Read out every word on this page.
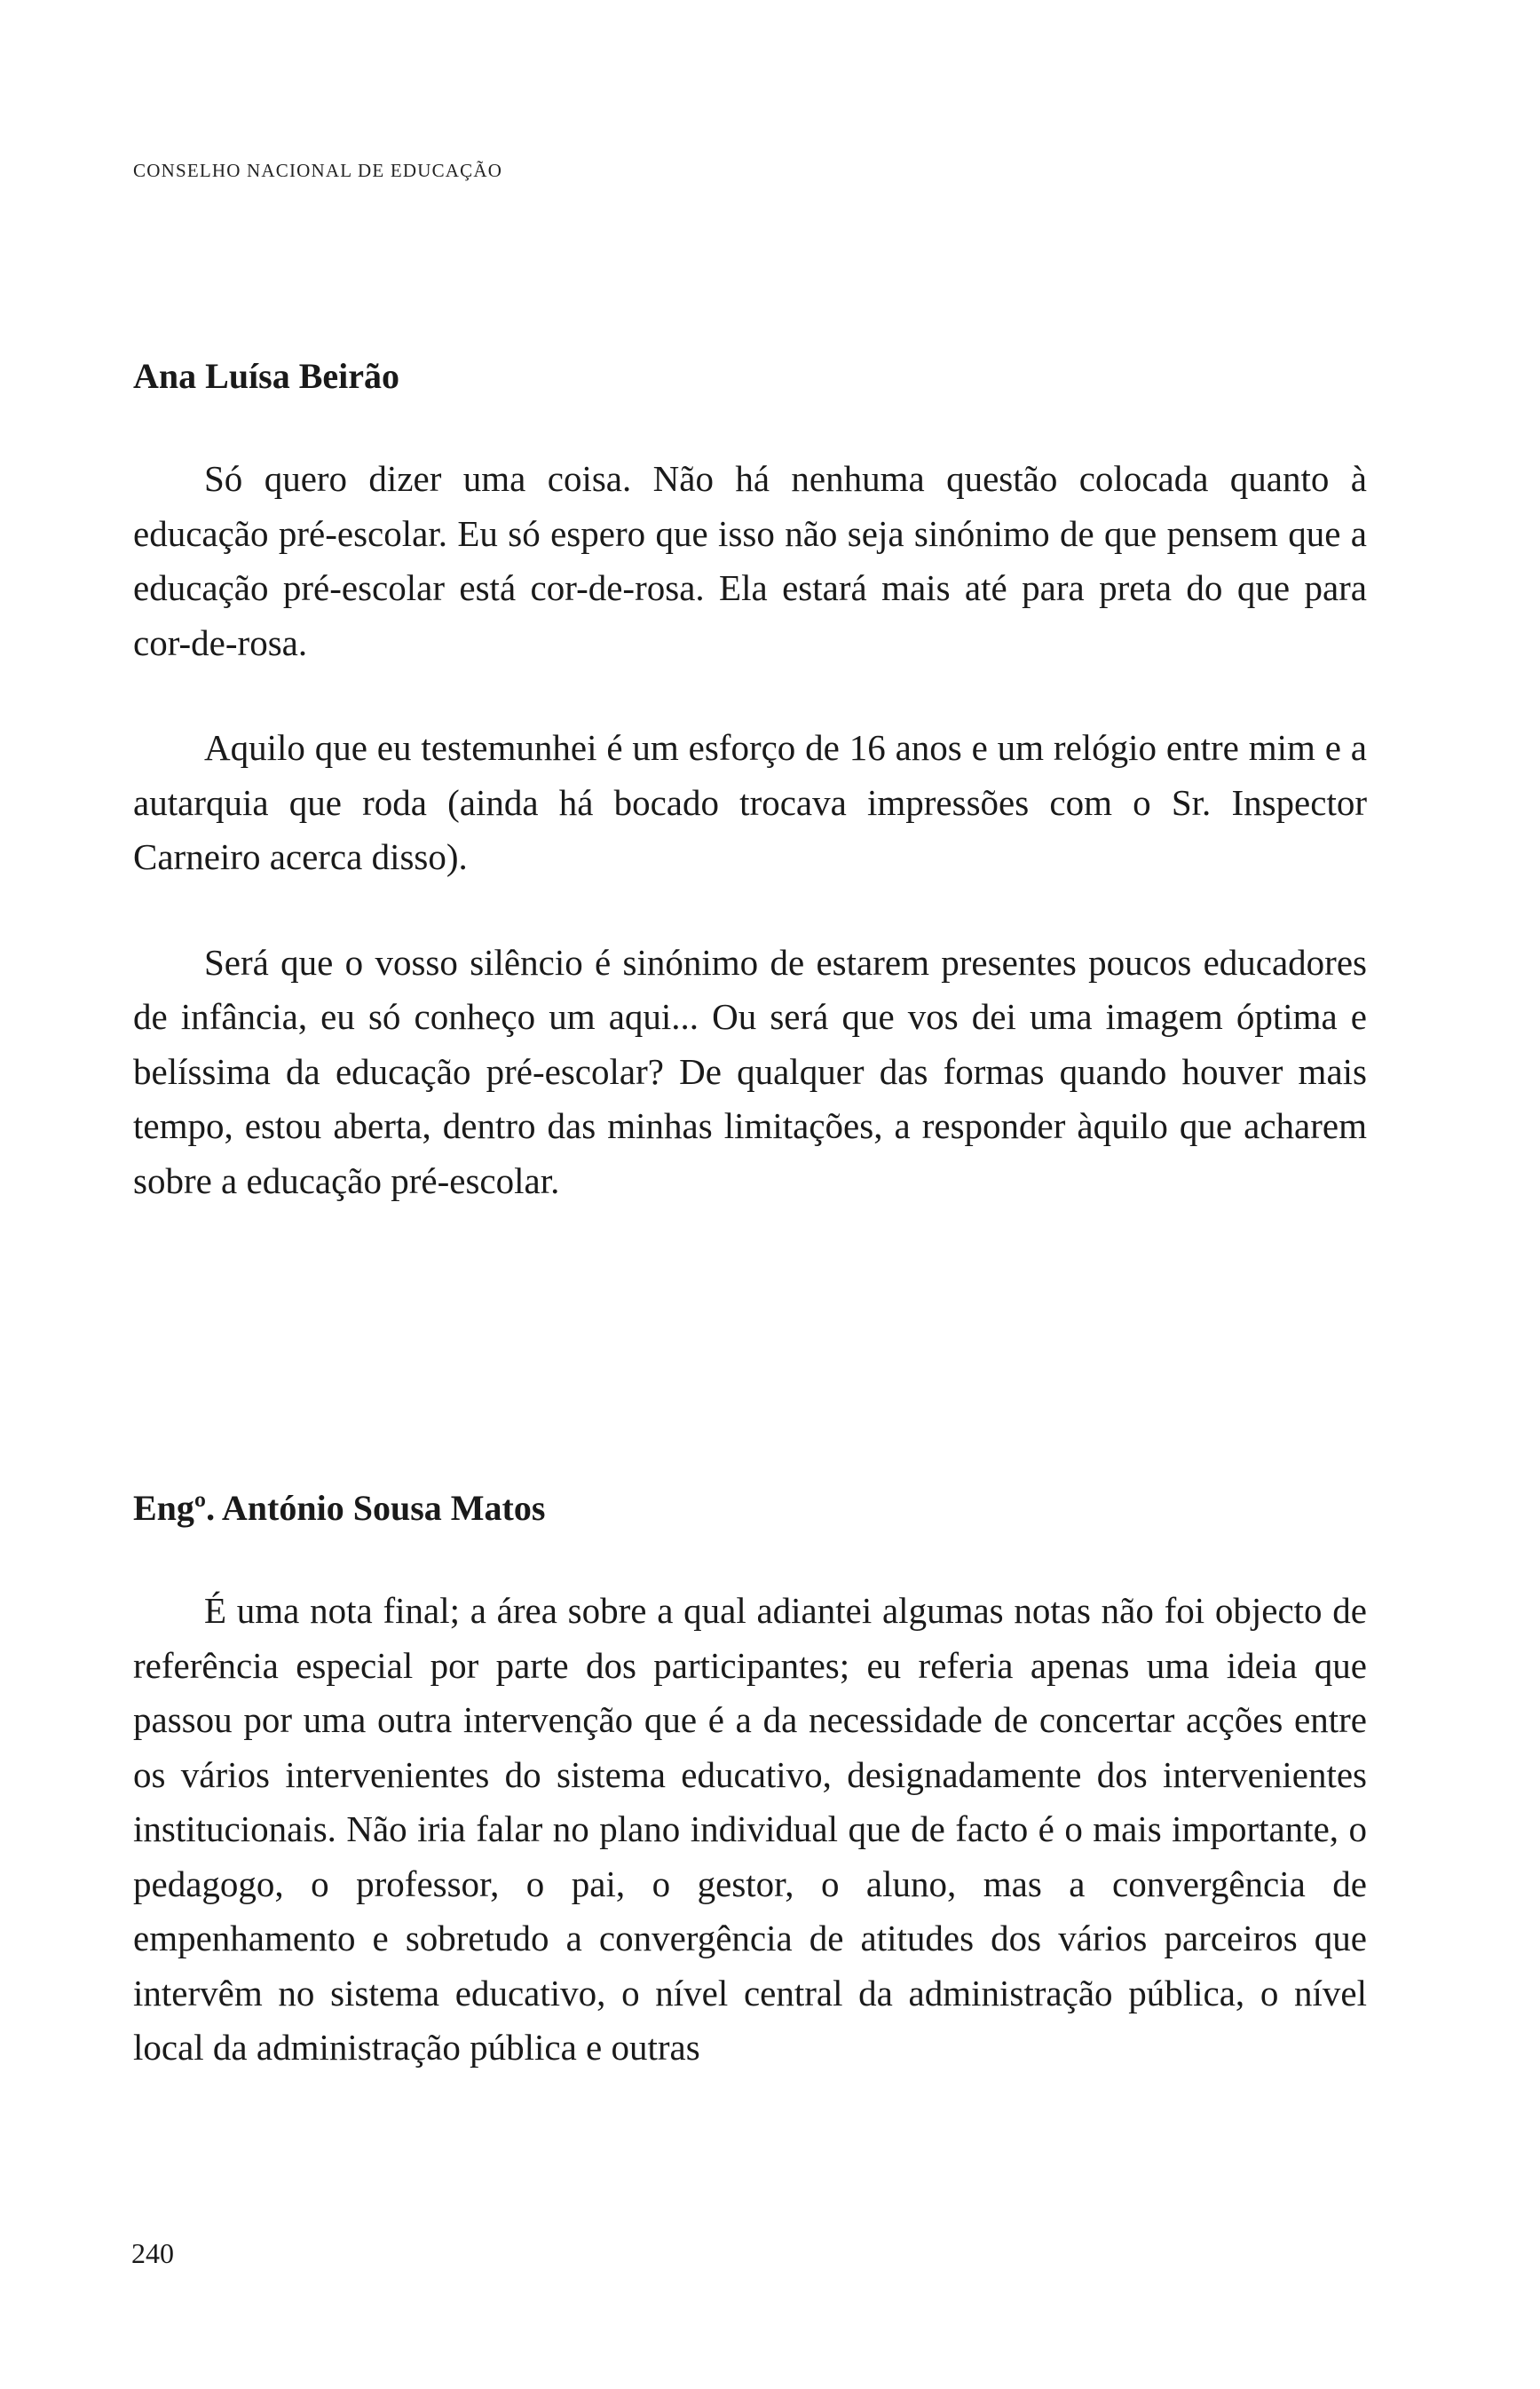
CONSELHO NACIONAL DE EDUCAÇÃO
Ana Luísa Beirão

Só quero dizer uma coisa. Não há nenhuma questão colocada quanto à educação pré-escolar. Eu só espero que isso não seja sinónimo de que pensem que a educação pré-escolar está cor-de-rosa. Ela estará mais até para preta do que para cor-de-rosa.

Aquilo que eu testemunhei é um esforço de 16 anos e um relógio entre mim e a autarquia que roda (ainda há bocado trocava impressões com o Sr. Inspector Carneiro acerca disso).

Será que o vosso silêncio é sinónimo de estarem presentes poucos educadores de infância, eu só conheço um aqui... Ou será que vos dei uma imagem óptima e belíssima da educação pré-escolar? De qualquer das formas quando houver mais tempo, estou aberta, dentro das minhas limitações, a responder àquilo que acharem sobre a educação pré-escolar.

Engº. António Sousa Matos

É uma nota final; a área sobre a qual adiantei algumas notas não foi objecto de referência especial por parte dos participantes; eu referia apenas uma ideia que passou por uma outra intervenção que é a da necessidade de concertar acções entre os vários intervenientes do sistema educativo, designadamente dos intervenientes institucionais. Não iria falar no plano individual que de facto é o mais importante, o pedagogo, o professor, o pai, o gestor, o aluno, mas a convergência de empenhamento e sobretudo a convergência de atitudes dos vários parceiros que intervêm no sistema educativo, o nível central da administração pública, o nível local da administração pública e outras

240
